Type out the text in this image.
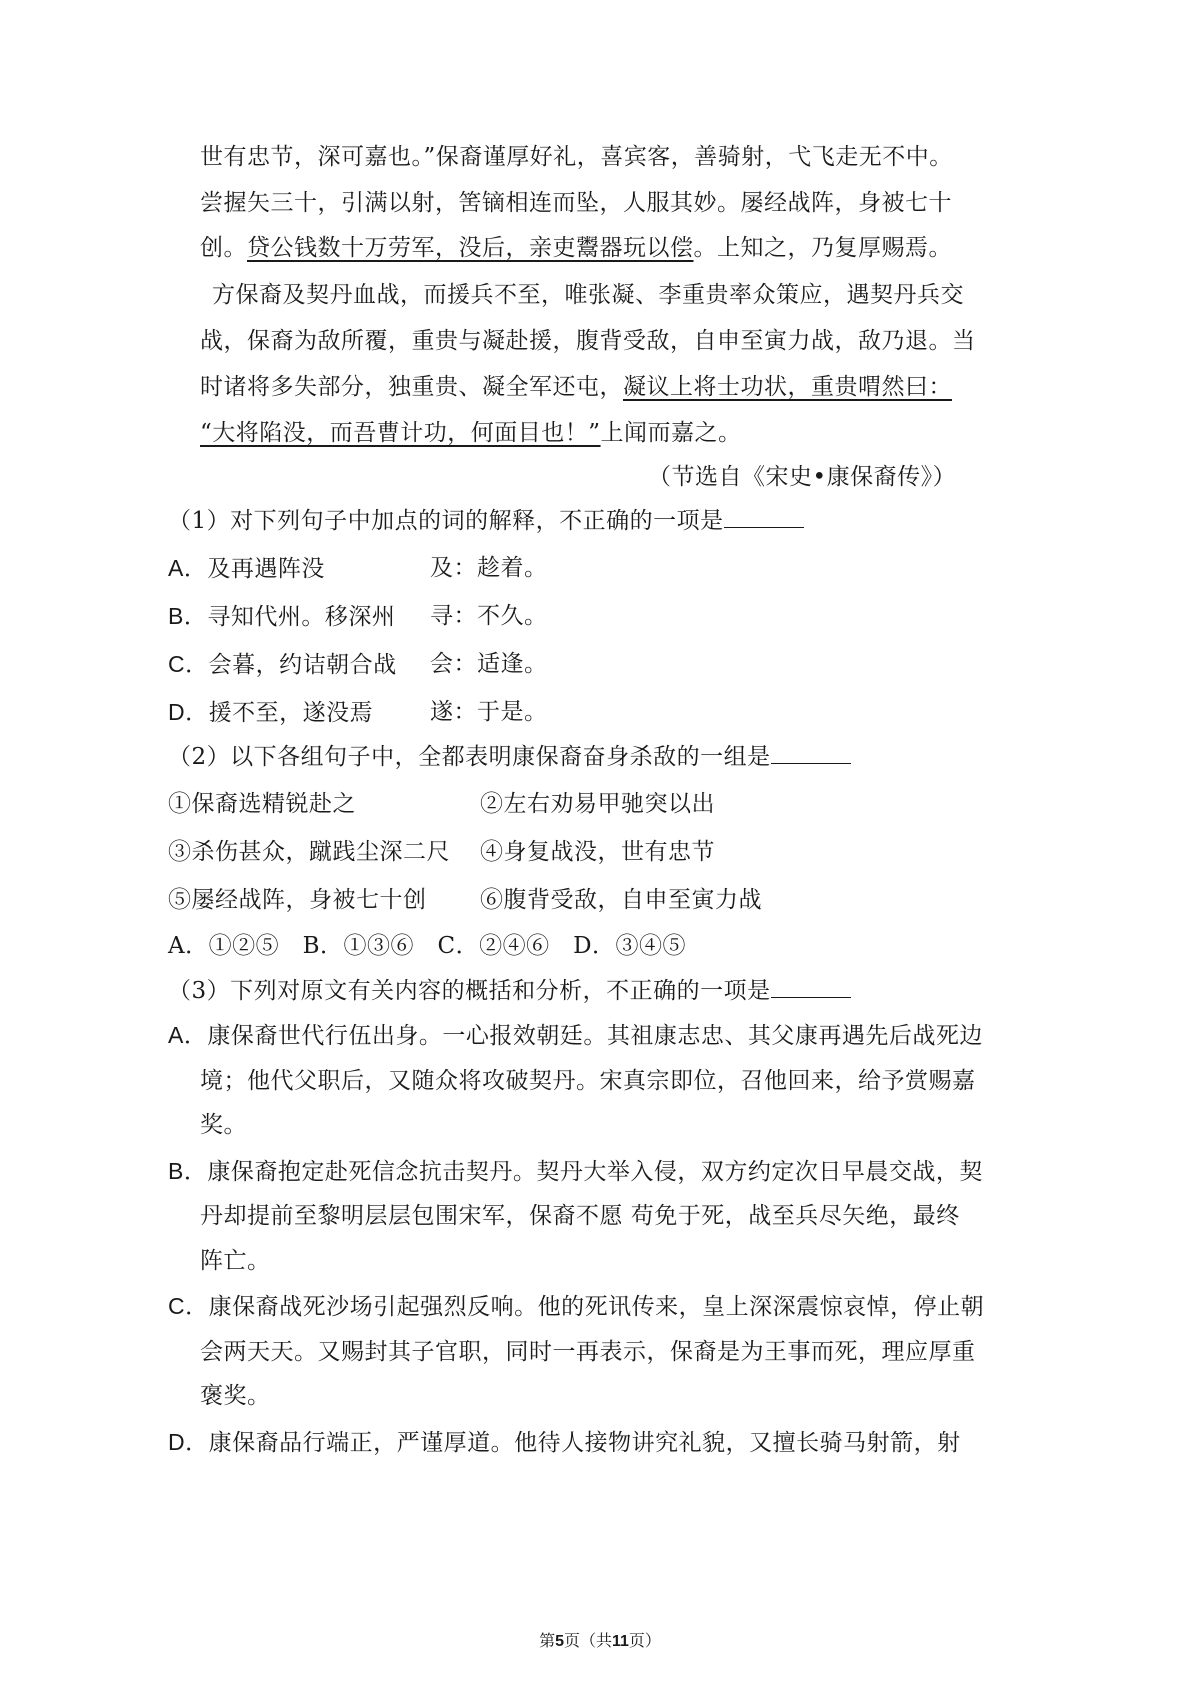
世有忠节，深可嘉也。”保裔谨厚好礼，喜宾客，善骑射，弋飞走无不中。
尝握矢三十，引满以射，筈镝相连而坠，人服其妙。屡经战阵，身被七十
创。贷公钱数十万劳军，没后，亲吏鬻器玩以偿。上知之，乃复厚赐焉。
方保裔及契丹血战，而援兵不至，唯张凝、李重贵率众策应，遇契丹兵交
战，保裔为敌所覆，重贵与凝赴援，腹背受敌，自申至寅力战，敌乃退。当
时诸将多失部分，独重贵、凝全军还屯，凝议上将士功状，重贵喟然曰：
“大将陷没，而吾曹计功，何面目也！”上闻而嘉之。
（节选自《宋史•康保裔传》）
（1）对下列句子中加点的词的解释，不正确的一项是
A．及再遇阵没	及：趁着。
B．寻知代州。移深州 寻：不久。
C．会暮，约诘朝合战 会：适逢。
D．援不至，遂没焉 遂：于是。
（2）以下各组句子中，全都表明康保裔奋身杀敌的一组是
①保裔选精锐赴之	②左右劝易甲驰突以出
③杀伤甚众，蹴践尘深二尺 ④身复战没，世有忠节
⑤屡经战阵，身被七十创 ⑥腹背受敌，自申至寅力战
A．①②⑤　B．①③⑥　C．②④⑥　D．③④⑤
（3）下列对原文有关内容的概括和分析，不正确的一项是
A．康保裔世代行伍出身。一心报效朝廷。其祖康志忠、其父康再遇先后战死边
境；他代父职后，又随众将攻破契丹。宋真宗即位，召他回来，给予赏赐嘉
奖。
B．康保裔抱定赴死信念抗击契丹。契丹大举入侵，双方约定次日早晨交战，契
丹却提前至黎明层层包围宋军，保裔不愿 苟免于死，战至兵尽矢绝，最终
阵亡。
C．康保裔战死沙场引起强烈反响。他的死讯传来，皇上深深震惊哀悼，停止朝
会两天天。又赐封其子官职，同时一再表示，保裔是为王事而死，理应厚重
褒奖。
D．康保裔品行端正，严谨厚道。他待人接物讲究礼貌，又擅长骑马射箭，射
第5页（共11页）
